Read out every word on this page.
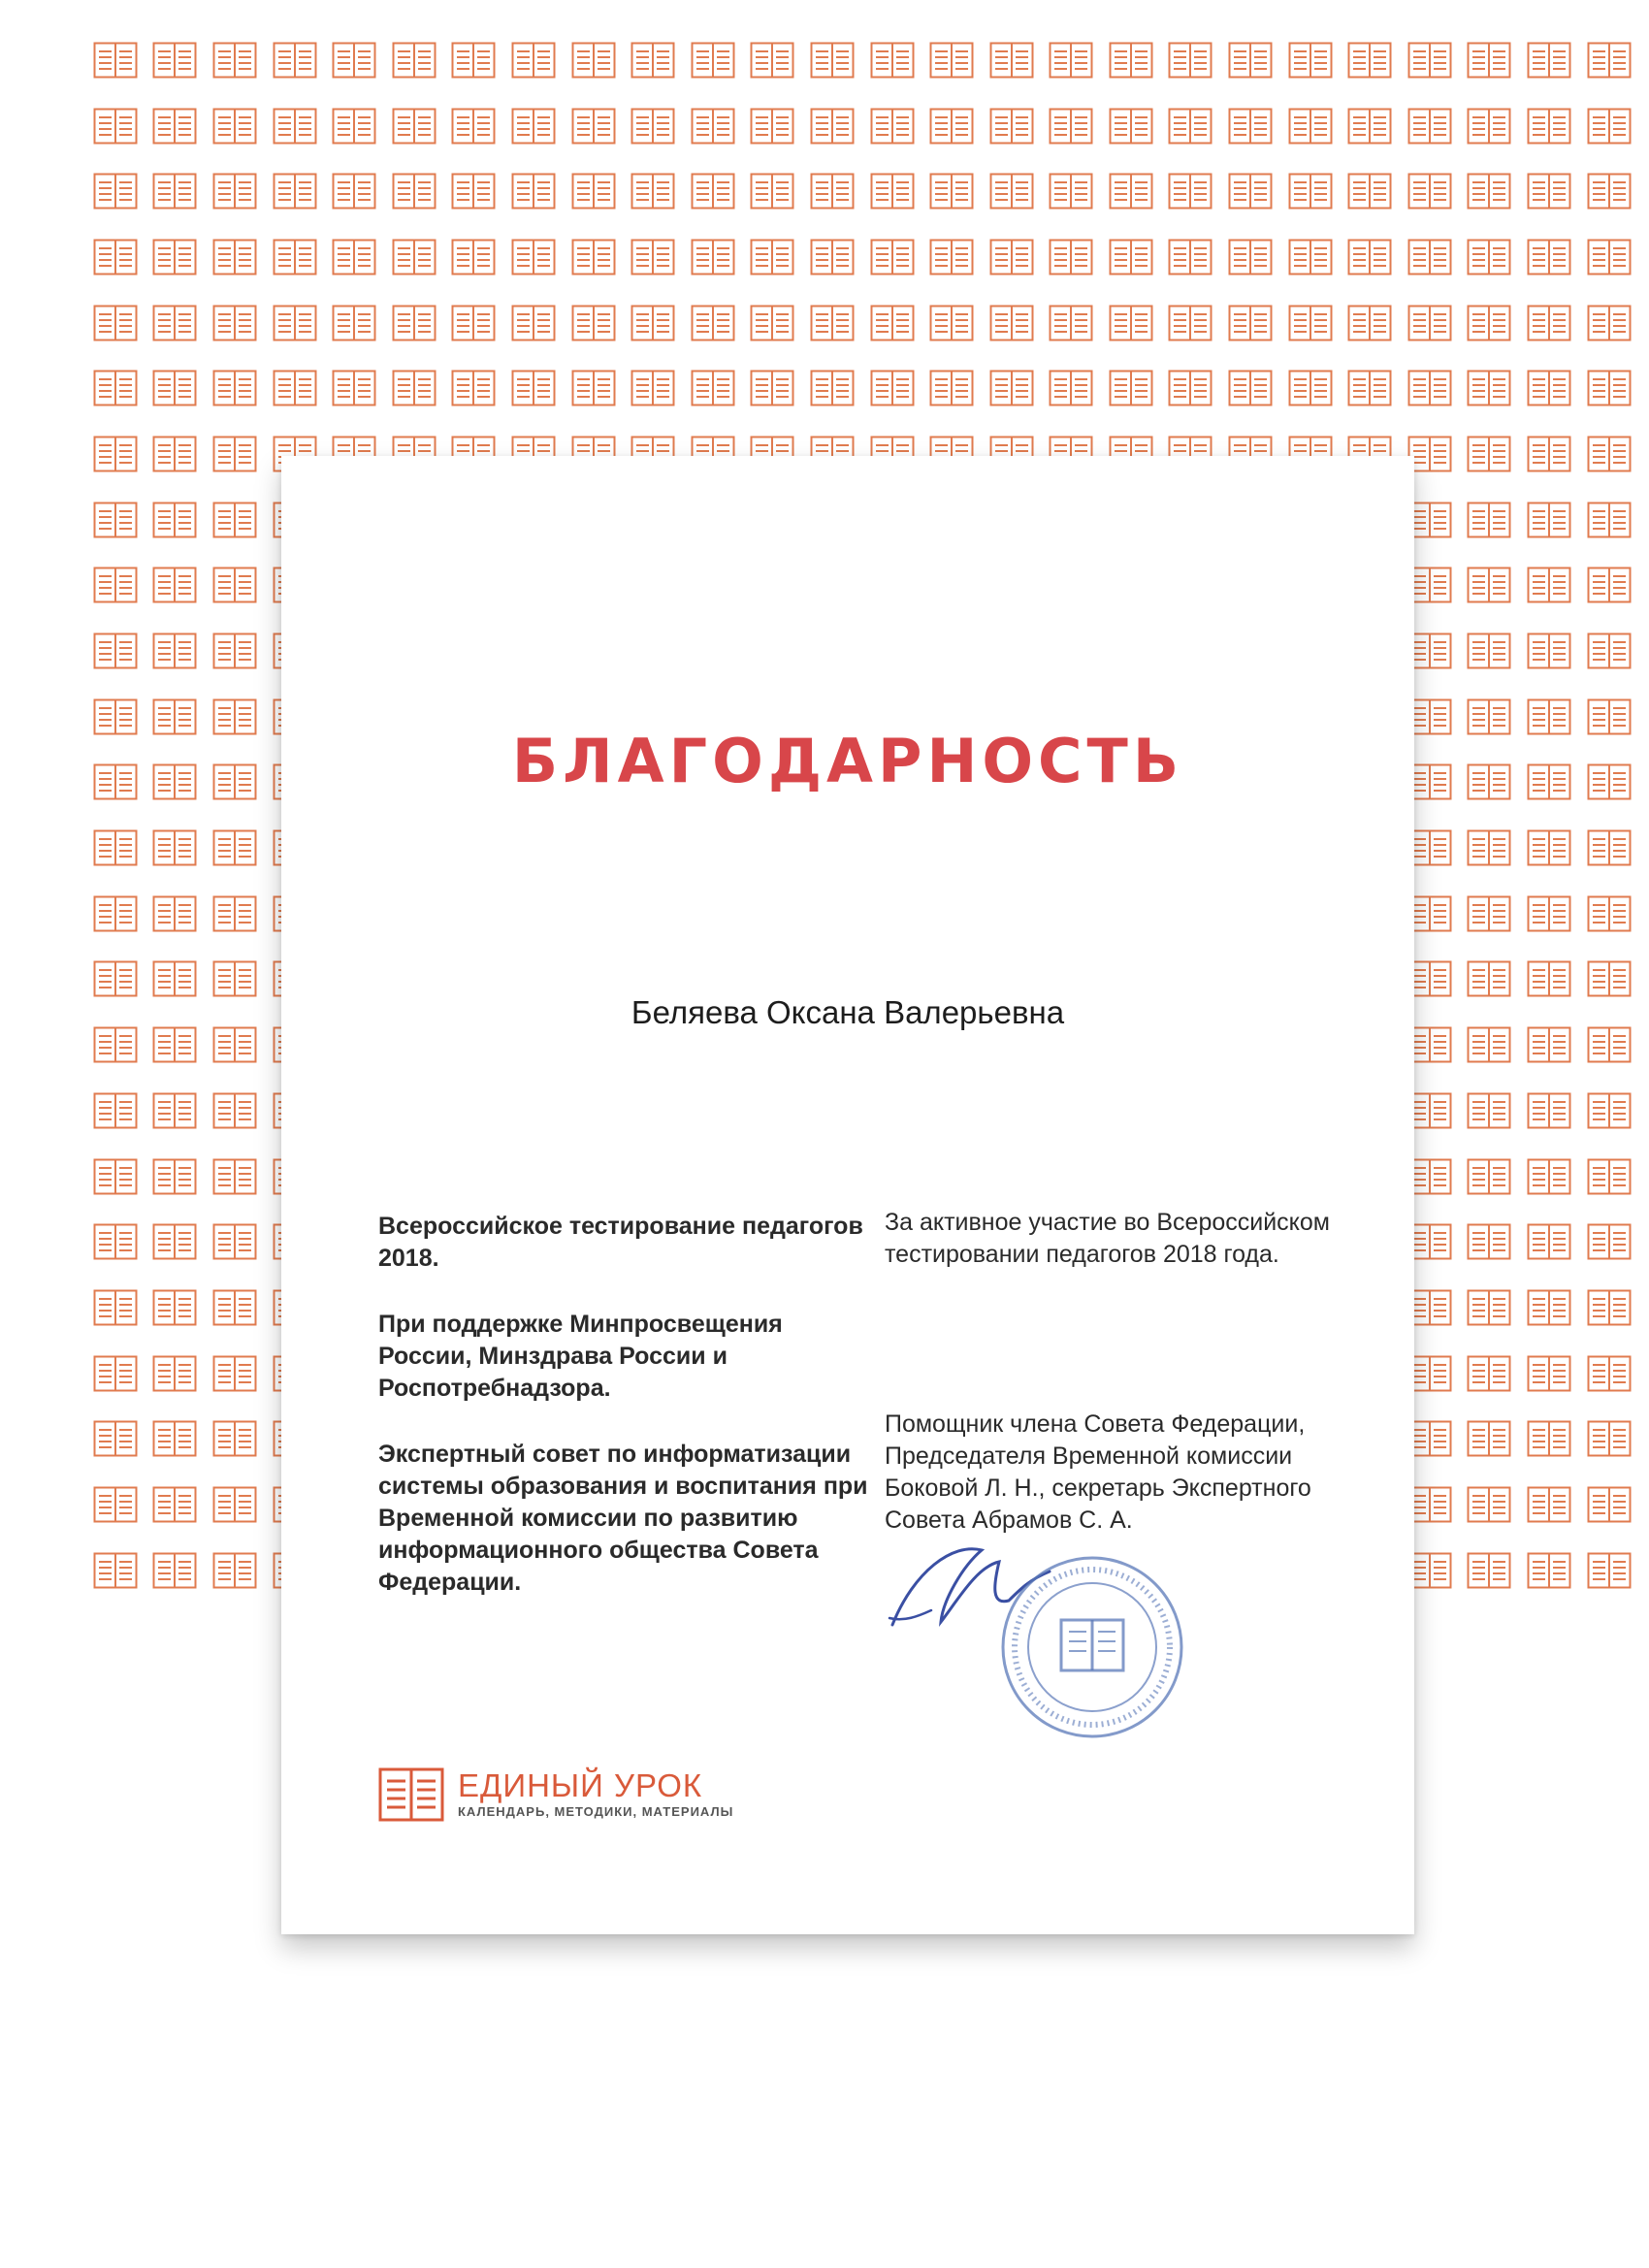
БЛАГОДАРНОСТЬ
Беляева Оксана Валерьевна

Всероссийское тестирование педагогов 2018.

При поддержке Минпросвещения России, Минздрава России и Роспотребнадзора.

Экспертный совет по информатизации системы образования и воспитания при Временной комиссии по развитию информационного общества Совета Федерации.

За активное участие во Всероссийском тестировании педагогов 2018 года.

Помощник члена Совета Федерации, Председателя Временной комиссии Боковой Л. Н., секретарь Экспертного Совета Абрамов С. А.

ЕДИНЫЙ УРОК
КАЛЕНДАРЬ, МЕТОДИКИ, МАТЕРИАЛЫ
